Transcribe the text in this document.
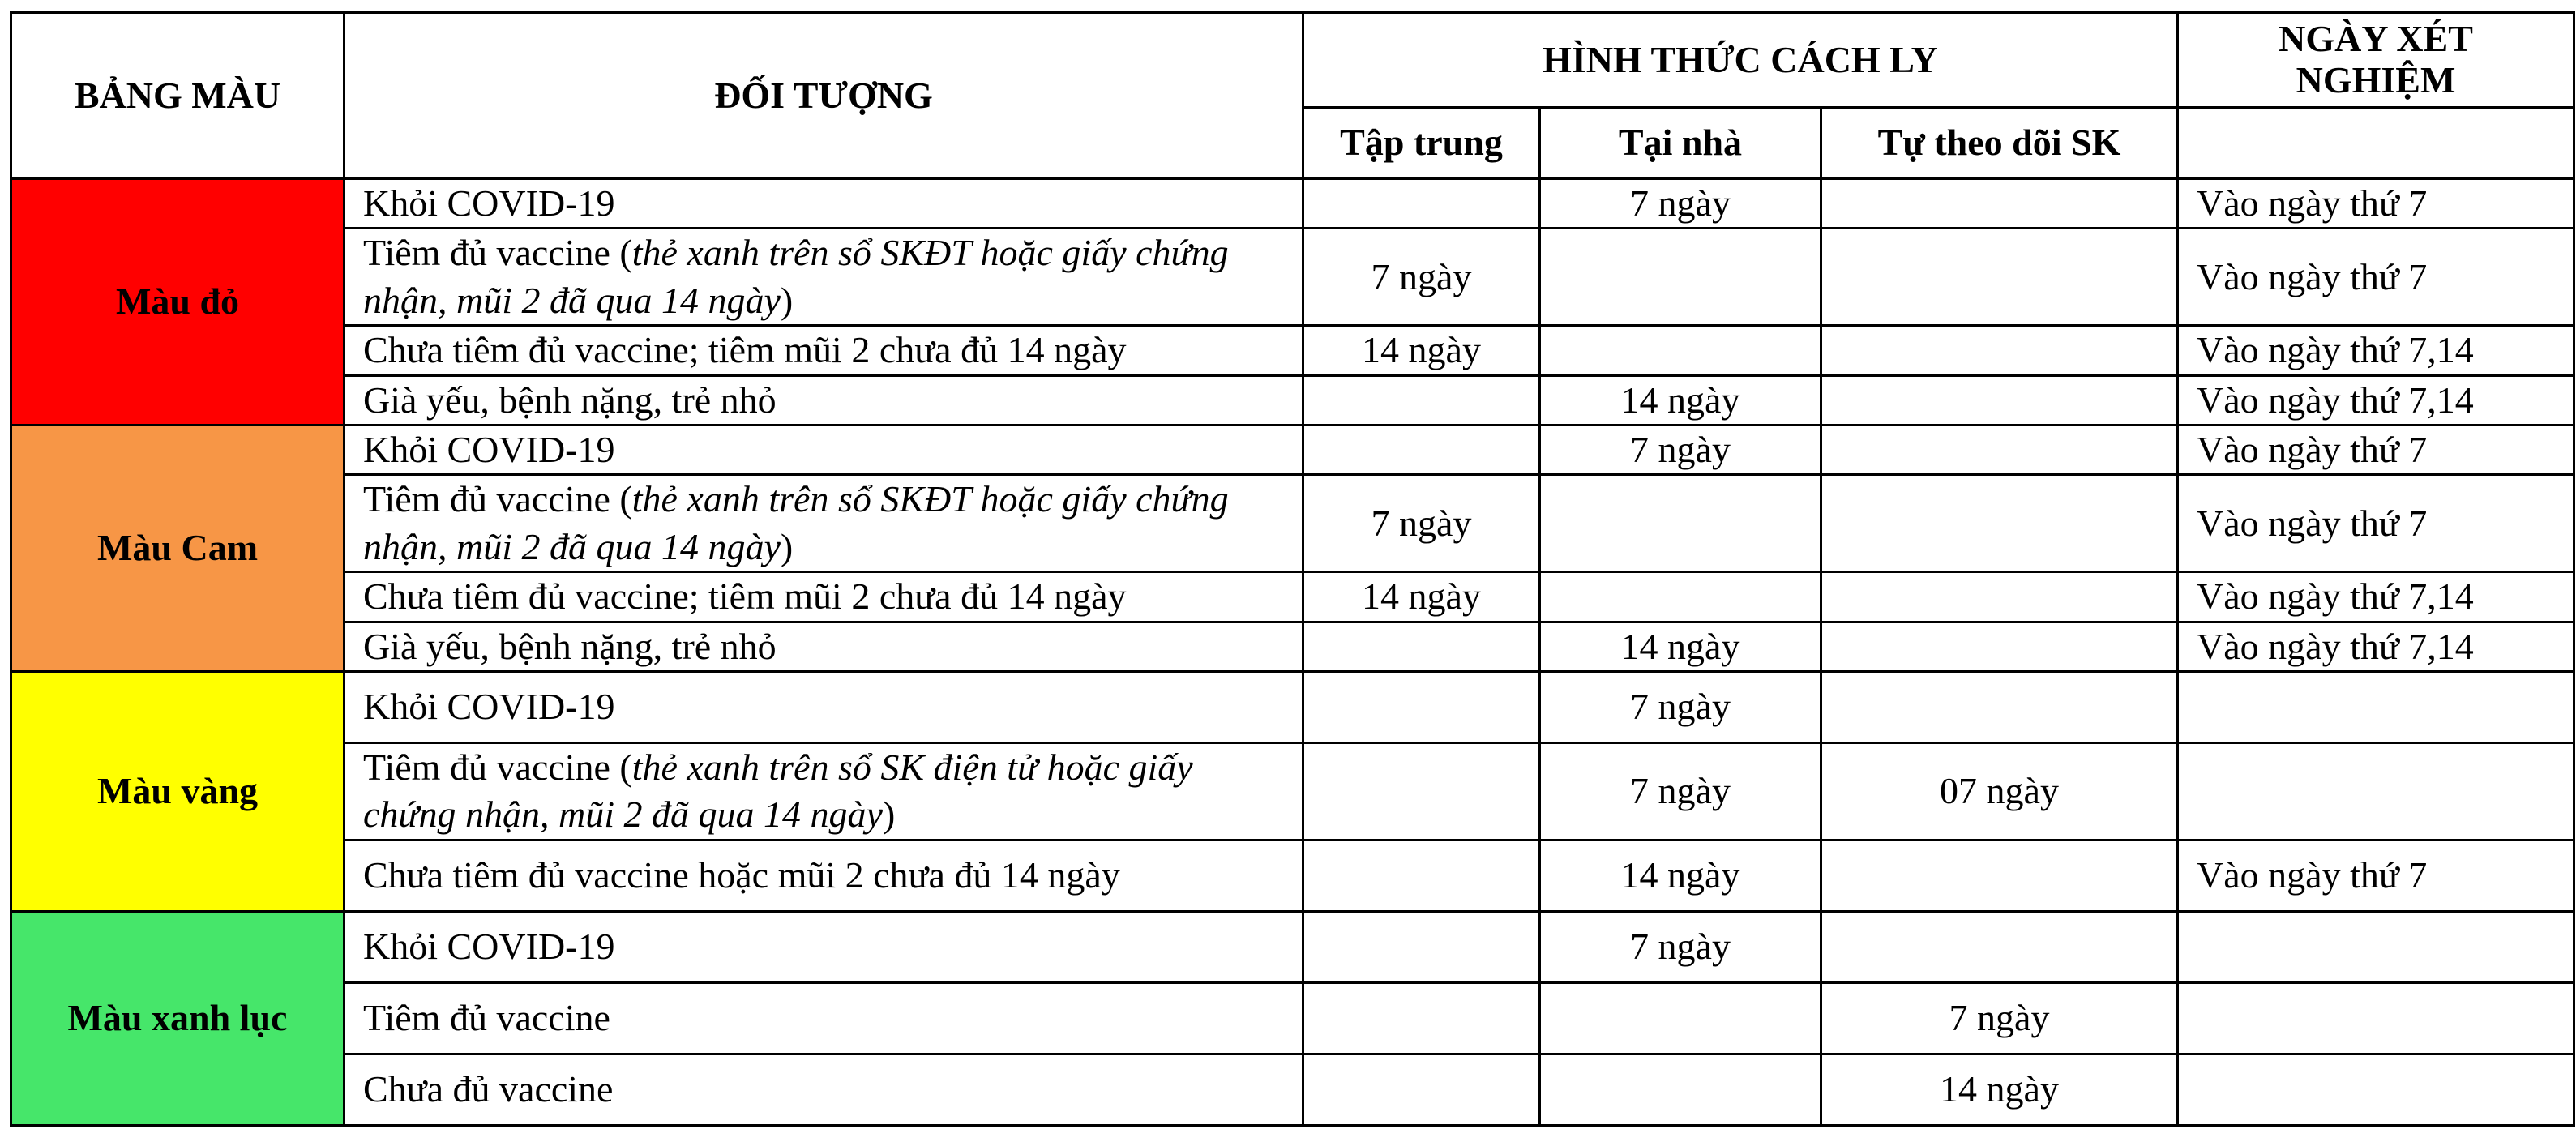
BẢNG MÀU	ĐỐI TƯỢNG	HÌNH THỨC CÁCH LY			NGÀY XÉT NGHIỆM
		Tập trung	Tại nhà	Tự theo dõi SK	
Màu đỏ	Khỏi COVID-19		7 ngày		Vào ngày thứ 7
	Tiêm đủ vaccine (thẻ xanh trên sổ SKĐT hoặc giấy chứng nhận, mũi 2 đã qua 14 ngày)	7 ngày			Vào ngày thứ 7
	Chưa tiêm đủ vaccine; tiêm mũi 2 chưa đủ 14 ngày	14 ngày			Vào ngày thứ 7,14
	Già yếu, bệnh nặng, trẻ nhỏ		14 ngày		Vào ngày thứ 7,14
Màu Cam	Khỏi COVID-19		7 ngày		Vào ngày thứ 7
	Tiêm đủ vaccine (thẻ xanh trên sổ SKĐT hoặc giấy chứng nhận, mũi 2 đã qua 14 ngày)	7 ngày			Vào ngày thứ 7
	Chưa tiêm đủ vaccine; tiêm mũi 2 chưa đủ 14 ngày	14 ngày			Vào ngày thứ 7,14
	Già yếu, bệnh nặng, trẻ nhỏ		14 ngày		Vào ngày thứ 7,14
Màu vàng	Khỏi COVID-19		7 ngày		
	Tiêm đủ vaccine (thẻ xanh trên sổ SK điện tử hoặc giấy chứng nhận, mũi 2 đã qua 14 ngày)		7 ngày	07 ngày	
	Chưa tiêm đủ vaccine hoặc mũi 2 chưa đủ 14 ngày		14 ngày		Vào ngày thứ 7
Màu xanh lục	Khỏi COVID-19		7 ngày		
	Tiêm đủ vaccine			7 ngày	
	Chưa đủ vaccine			14 ngày	
